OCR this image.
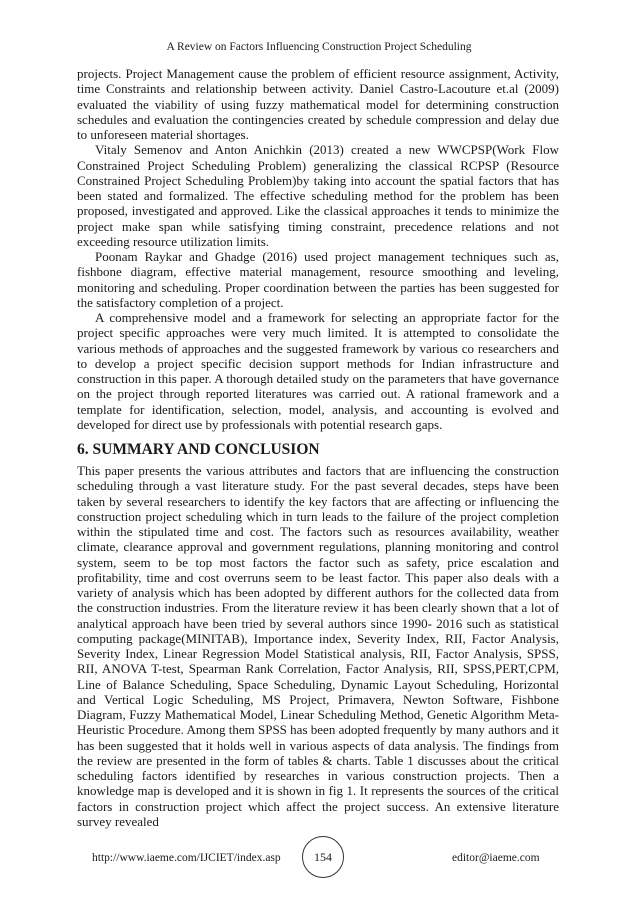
A Review on Factors Influencing Construction Project Scheduling

projects. Project Management cause the problem of efficient resource assignment, Activity, time Constraints and relationship between activity. Daniel Castro-Lacouture et.al (2009) evaluated the viability of using fuzzy mathematical model for determining construction schedules and evaluation the contingencies created by schedule compression and delay due to unforeseen material shortages.

Vitaly Semenov and Anton Anichkin (2013) created a new WWCPSP(Work Flow Constrained Project Scheduling Problem) generalizing the classical RCPSP (Resource Constrained Project Scheduling Problem)by taking into account the spatial factors that has been stated and formalized. The effective scheduling method for the problem has been proposed, investigated and approved. Like the classical approaches it tends to minimize the project make span while satisfying timing constraint, precedence relations and not exceeding resource utilization limits.

Poonam Raykar and Ghadge (2016) used project management techniques such as, fishbone diagram, effective material management, resource smoothing and leveling, monitoring and scheduling. Proper coordination between the parties has been suggested for the satisfactory completion of a project.

A comprehensive model and a framework for selecting an appropriate factor for the project specific approaches were very much limited. It is attempted to consolidate the various methods of approaches and the suggested framework by various co researchers and to develop a project specific decision support methods for Indian infrastructure and construction in this paper. A thorough detailed study on the parameters that have governance on the project through reported literatures was carried out. A rational framework and a template for identification, selection, model, analysis, and accounting is evolved and developed for direct use by professionals with potential research gaps.

6. SUMMARY AND CONCLUSION

This paper presents the various attributes and factors that are influencing the construction scheduling through a vast literature study. For the past several decades, steps have been taken by several researchers to identify the key factors that are affecting or influencing the construction project scheduling which in turn leads to the failure of the project completion within the stipulated time and cost. The factors such as resources availability, weather climate, clearance approval and government regulations, planning monitoring and control system, seem to be top most factors the factor such as safety, price escalation and profitability, time and cost overruns seem to be least factor. This paper also deals with a variety of analysis which has been adopted by different authors for the collected data from the construction industries. From the literature review it has been clearly shown that a lot of analytical approach have been tried by several authors since 1990- 2016 such as statistical computing package(MINITAB), Importance index, Severity Index, RII, Factor Analysis, Severity Index, Linear Regression Model Statistical analysis, RII, Factor Analysis, SPSS, RII, ANOVA T-test, Spearman Rank Correlation, Factor Analysis, RII, SPSS,PERT,CPM, Line of Balance Scheduling, Space Scheduling, Dynamic Layout Scheduling, Horizontal and Vertical Logic Scheduling, MS Project, Primavera, Newton Software, Fishbone Diagram, Fuzzy Mathematical Model, Linear Scheduling Method, Genetic Algorithm Meta-Heuristic Procedure. Among them SPSS has been adopted frequently by many authors and it has been suggested that it holds well in various aspects of data analysis. The findings from the review are presented in the form of tables & charts. Table 1 discusses about the critical scheduling factors identified by researches in various construction projects. Then a knowledge map is developed and it is shown in fig 1. It represents the sources of the critical factors in construction project which affect the project success. An extensive literature survey revealed

http://www.iaeme.com/IJCIET/index.asp	154	editor@iaeme.com
